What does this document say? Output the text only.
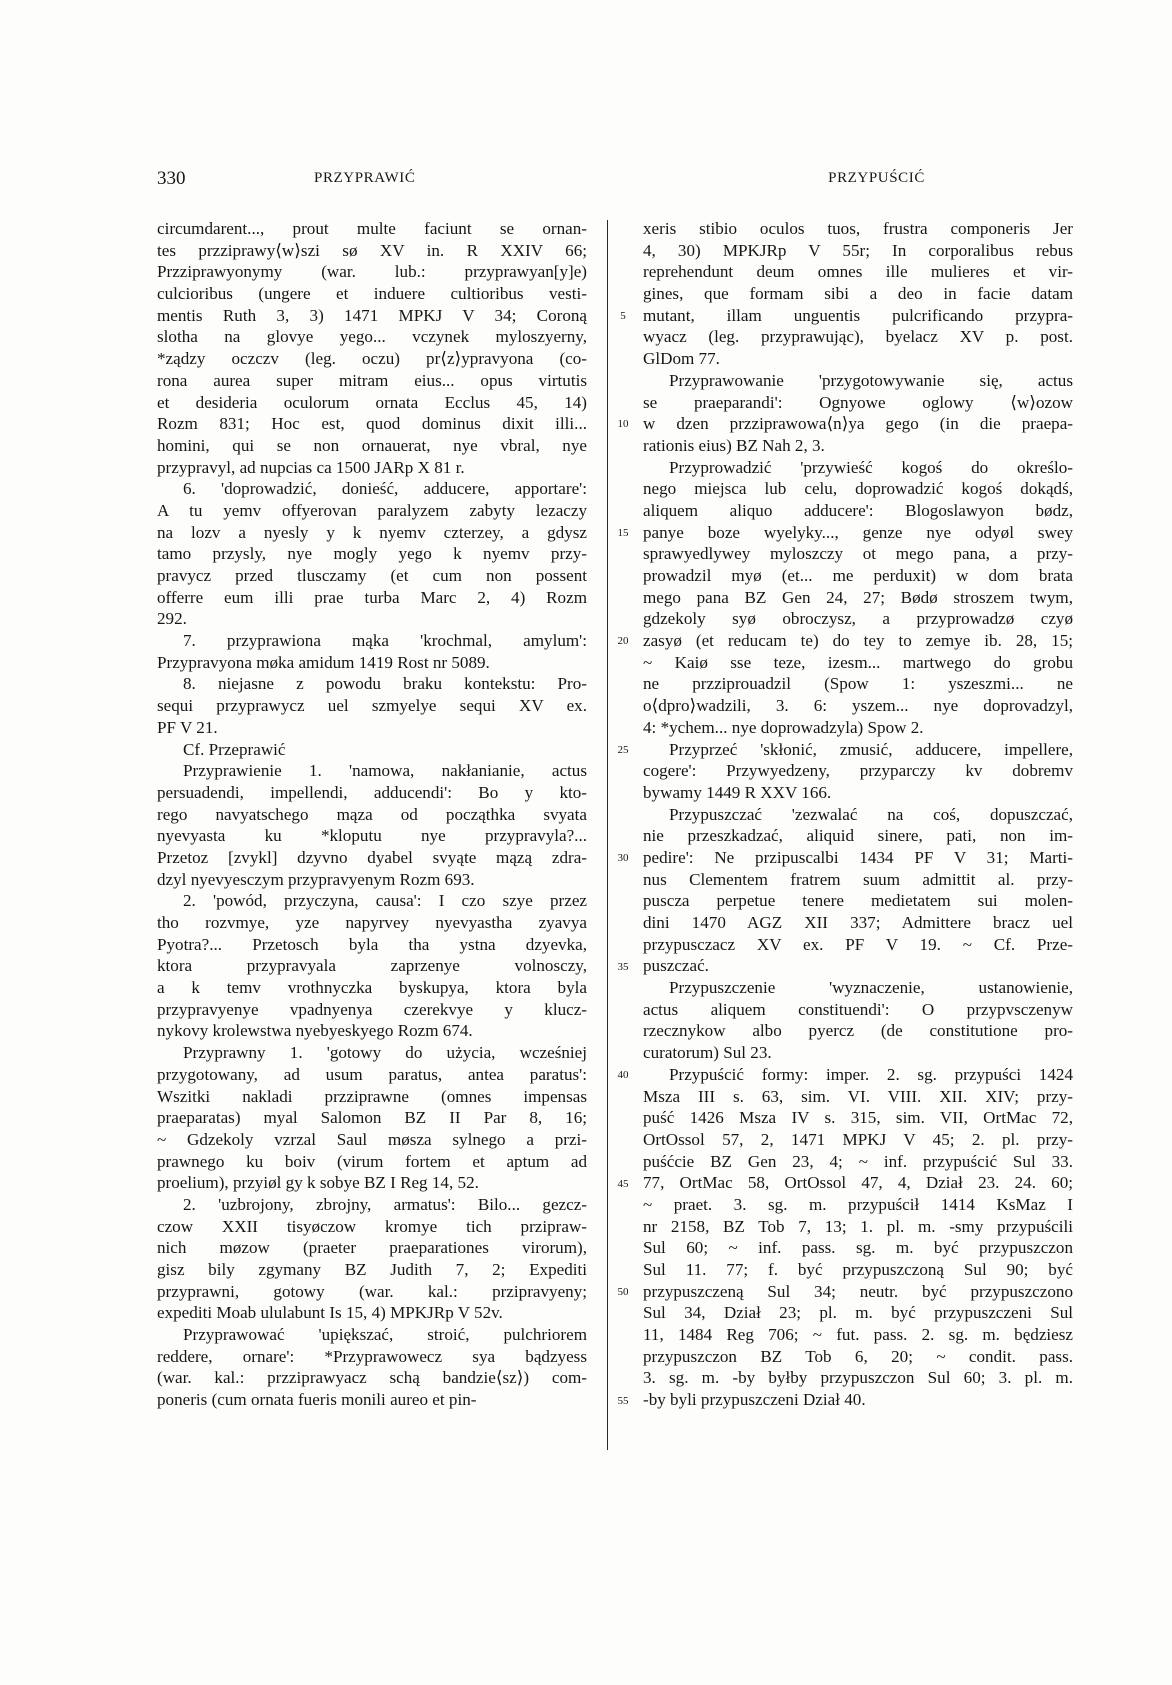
330	PRZYPRAWIĆ	PRZYPUŚCIĆ
circumdarent..., prout multe faciunt se ornan-
tes przziprawy⟨w⟩szi sø XV in. R XXIV 66;
Przziprawyonymy (war. lub.: przyprawyan[y]e)
culcioribus (ungere et induere cultioribus vesti-
mentis Ruth 3, 3) 1471 MPKJ V 34; Coroną
slotha na glovye yego... vczynek myloszyerny,
*ządzy oczczv (leg. oczu) pr⟨z⟩ypravyona (co-
rona aurea super mitram eius... opus virtutis
et desideria oculorum ornata Ecclus 45, 14)
Rozm 831; Hoc est, quod dominus dixit illi...
homini, qui se non ornauerat, nye vbral, nye
przypravyl, ad nupcias ca 1500 JARp X 81 r.
6. 'doprowadzić, donieść, adducere, apportare':
A tu yemv offyerovan paralyzem zabyty lezaczy
na lozv a nyesly y k nyemv czterzey, a gdysz
tamo przysly, nye mogly yego k nyemv przy-
pravycz przed tlusczamy (et cum non possent
offerre eum illi prae turba Marc 2, 4) Rozm
292.
7. przyprawiona mąka 'krochmal, amylum':
Przypravyona møka amidum 1419 Rost nr 5089.
8. niejasne z powodu braku kontekstu: Pro-
sequi przyprawycz uel szmyelye sequi XV ex.
PF V 21.
Cf. Przeprawić
Przyprawienie 1. 'namowa, nakłanianie, actus
persuadendi, impellendi, adducendi': Bo y kto-
rego navyatschego mąza od począthka svyata
nyevyasta ku *kloputu nye przypravyla?...
Przetoz [zvykl] dzyvno dyabel svyąte mązą zdra-
dzyl nyevyesczym przypravyenym Rozm 693.
2. 'powód, przyczyna, causa': I czo szye przez
tho rozvmye, yze napyrvey nyevyastha zyavya
Pyotra?... Przetosch byla tha ystna dzyevka,
ktora przypravyala zaprzenye volnosczy,
a k temv vrothnyczka byskupya, ktora byla
przypravyenye vpadnyenya czerekvye y klucz-
nykovy krolewstwa nyebyeskyego Rozm 674.
Przyprawny 1. 'gotowy do użycia, wcześniej
przygotowany, ad usum paratus, antea paratus':
Wszitki nakladi przziprawne (omnes impensas
praeparatas) myal Salomon BZ II Par 8, 16;
~ Gdzekoly vzrzal Saul møsza sylnego a przi-
prawnego ku boiv (virum fortem et aptum ad
proelium), przyiøl gy k sobye BZ I Reg 14, 52.
2. 'uzbrojony, zbrojny, armatus': Bilo... gezcz-
czow XXII tisyøczow kromye tich przipraw-
nich møzow (praeter praeparationes virorum),
gisz bily zgymany BZ Judith 7, 2; Expediti
przyprawni, gotowy (war. kal.: przipravyeny;
expediti Moab ululabunt Is 15, 4) MPKJRp V 52v.
Przyprawować 'upiększać, stroić, pulchriorem
reddere, ornare': *Przyprawowecz sya bądzyess
(war. kal.: przziprawyacz schą bandzie⟨sz⟩) com-
poneris (cum ornata fueris monili aureo et pin-
5
10
15
20
25
30
35
40
45
50
55
xeris stibio oculos tuos, frustra componeris Jer
4, 30) MPKJRp V 55r; In corporalibus rebus
reprehendunt deum omnes ille mulieres et vir-
gines, que formam sibi a deo in facie datam
mutant, illam unguentis pulcrificando przypra-
wyacz (leg. przyprawując), byelacz XV p. post.
GlDom 77.
Przyprawowanie 'przygotowywanie się, actus
se praeparandi': Ognyowe oglowy ⟨w⟩ozow
w dzen przziprawowa⟨n⟩ya gego (in die praepa-
rationis eius) BZ Nah 2, 3.
Przyprowadzić 'przywieść kogoś do określo-
nego miejsca lub celu, doprowadzić kogoś dokądś,
aliquem aliquo adducere': Blogoslawyon bødz,
panye boze wyelyky..., genze nye odyøl swey
sprawyedlywey myloszczy ot mego pana, a przy-
prowadzil myø (et... me perduxit) w dom brata
mego pana BZ Gen 24, 27; Bødø stroszem twym,
gdzekoly syø obroczysz, a przyprowadzø czyø
zasyø (et reducam te) do tey to zemye ib. 28, 15;
~ Kaiø sse teze, izesm... martwego do grobu
ne przziprouadzil (Spow 1: yszeszmi... ne
o⟨dpro⟩wadzili, 3. 6: yszem... nye doprovadzyl,
4: *ychem... nye doprowadzyla) Spow 2.
Przyprzeć 'skłonić, zmusić, adducere, impellere,
cogere': Przywyedzeny, przyparczy kv dobremv
bywamy 1449 R XXV 166.
Przypuszczać 'zezwalać na coś, dopuszczać,
nie przeszkadzać, aliquid sinere, pati, non im-
pedire': Ne przipuscalbi 1434 PF V 31; Marti-
nus Clementem fratrem suum admittit al. przy-
puscza perpetue tenere medietatem sui molen-
dini 1470 AGZ XII 337; Admittere bracz uel
przypusczacz XV ex. PF V 19. ~ Cf. Prze-
puszczać.
Przypuszczenie 'wyznaczenie, ustanowienie,
actus aliquem constituendi': O przypvsczenyw
rzecznykow albo pyercz (de constitutione pro-
curatorum) Sul 23.
Przypuścić formy: imper. 2. sg. przypuści 1424
Msza III s. 63, sim. VI. VIII. XII. XIV; przy-
puść 1426 Msza IV s. 315, sim. VII, OrtMac 72,
OrtOssol 57, 2, 1471 MPKJ V 45; 2. pl. przy-
puśćcie BZ Gen 23, 4; ~ inf. przypuścić Sul 33.
77, OrtMac 58, OrtOssol 47, 4, Dział 23. 24. 60;
~ praet. 3. sg. m. przypuścił 1414 KsMaz I
nr 2158, BZ Tob 7, 13; 1. pl. m. -smy przypuścili
Sul 60; ~ inf. pass. sg. m. być przypuszczon
Sul 11. 77; f. być przypuszczoną Sul 90; być
przypuszczeną Sul 34; neutr. być przypuszczono
Sul 34, Dział 23; pl. m. być przypuszczeni Sul
11, 1484 Reg 706; ~ fut. pass. 2. sg. m. będziesz
przypuszczon BZ Tob 6, 20; ~ condit. pass.
3. sg. m. -by byłby przypuszczon Sul 60; 3. pl. m.
-by byli przypuszczeni Dział 40.
